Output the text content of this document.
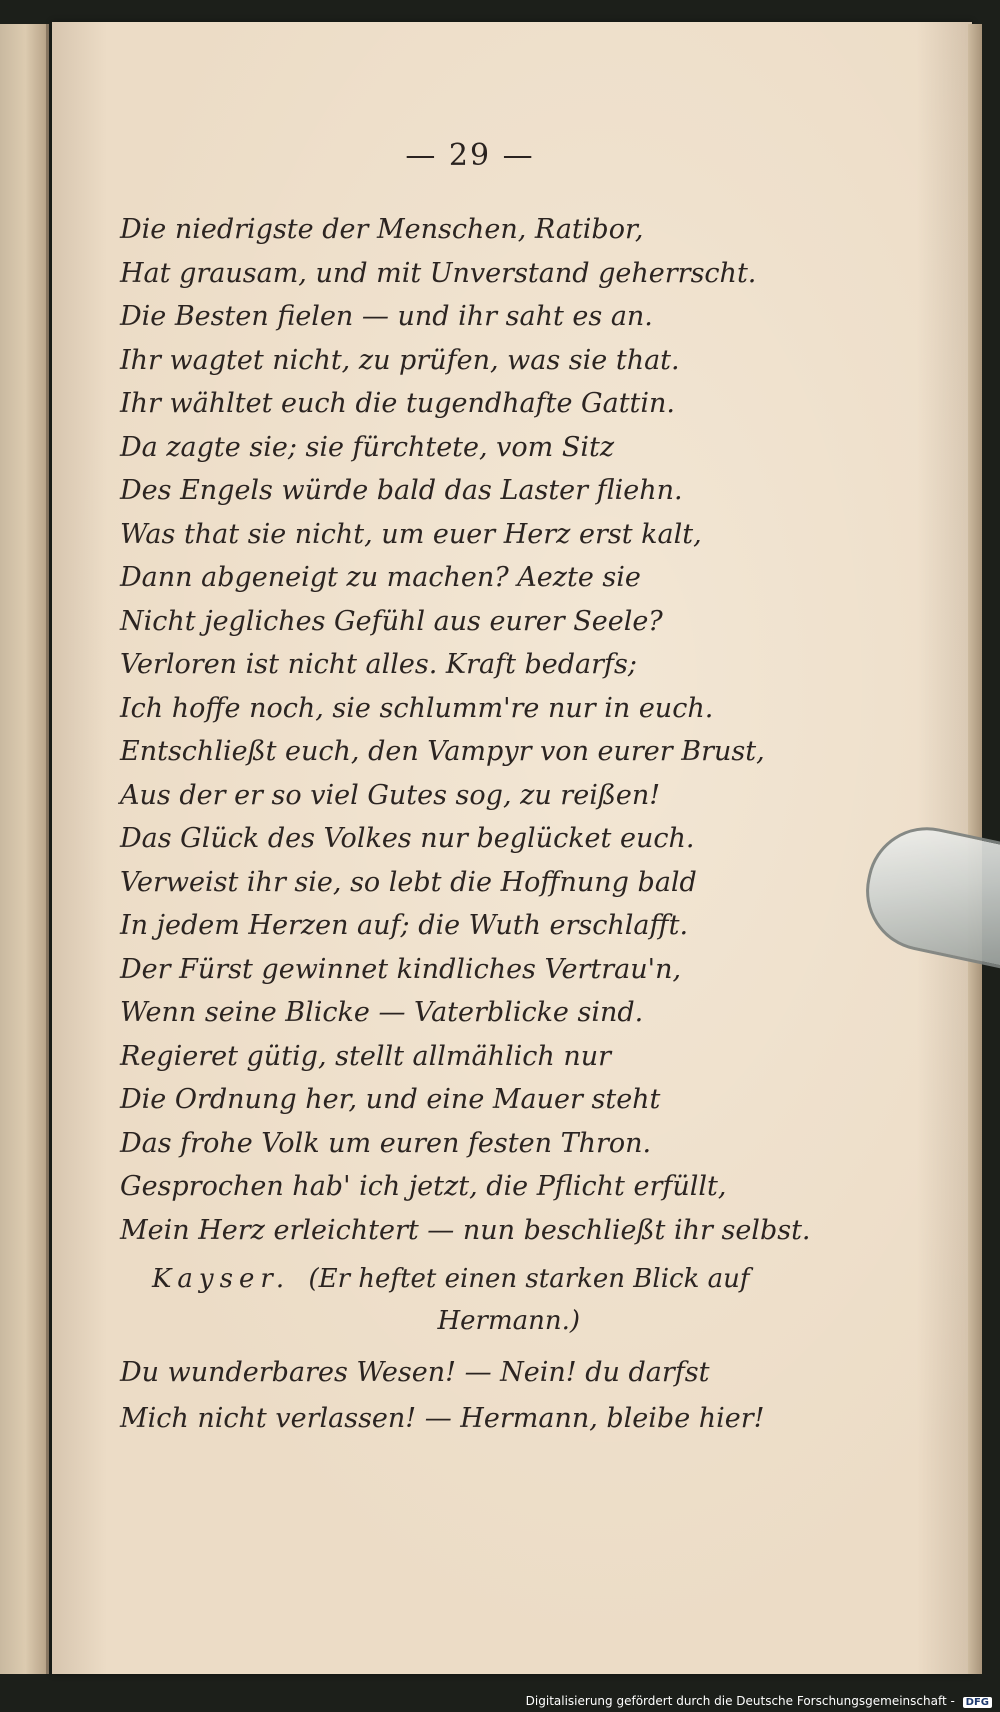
— 29 —
Die niedrigste der Menschen, Ratibor,
Hat grausam, und mit Unverstand geherrscht.
Die Besten fielen — und ihr saht es an.
Ihr wagtet nicht, zu prüfen, was sie that.
Ihr wähltet euch die tugendhafte Gattin.
Da zagte sie; sie fürchtete, vom Sitz
Des Engels würde bald das Laster fliehn.
Was that sie nicht, um euer Herz erst kalt,
Dann abgeneigt zu machen? Aezte sie
Nicht jegliches Gefühl aus eurer Seele?
Verloren ist nicht alles. Kraft bedarfs;
Ich hoffe noch, sie schlumm're nur in euch.
Entschließt euch, den Vampyr von eurer Brust,
Aus der er so viel Gutes sog, zu reißen!
Das Glück des Volkes nur beglücket euch.
Verweist ihr sie, so lebt die Hoffnung bald
In jedem Herzen auf; die Wuth erschlafft.
Der Fürst gewinnet kindliches Vertrau'n,
Wenn seine Blicke — Vaterblicke sind.
Regieret gütig, stellt allmählich nur
Die Ordnung her, und eine Mauer steht
Das frohe Volk um euren festen Thron.
Gesprochen hab' ich jetzt, die Pflicht erfüllt,
Mein Herz erleichtert — nun beschließt ihr selbst.
Kayser. (Er heftet einen starken Blick auf
Hermann.)
Du wunderbares Wesen! — Nein! du darfst
Mich nicht verlassen! — Hermann, bleibe hier!
Digitalisierung gefördert durch die Deutsche Forschungsgemeinschaft - DFG
